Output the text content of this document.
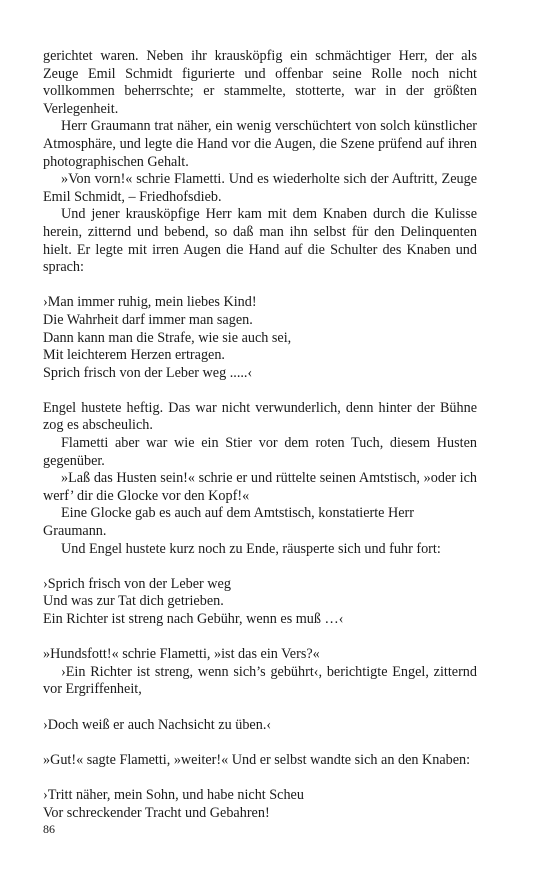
gerichtet waren. Neben ihr krausköpfig ein schmächtiger Herr, der als Zeuge Emil Schmidt figurierte und offenbar seine Rolle noch nicht vollkommen beherrschte; er stammelte, stotterte, war in der größten Verlegenheit.

Herr Graumann trat näher, ein wenig verschüchtert von solch künstlicher Atmosphäre, und legte die Hand vor die Augen, die Szene prüfend auf ihren photographischen Gehalt.

»Von vorn!« schrie Flametti. Und es wiederholte sich der Auftritt, Zeuge Emil Schmidt, – Friedhofsdieb.

Und jener krausköpfige Herr kam mit dem Knaben durch die Kulisse herein, zitternd und bebend, so daß man ihn selbst für den Delinquenten hielt. Er legte mit irren Augen die Hand auf die Schulter des Knaben und sprach:

›Man immer ruhig, mein liebes Kind!
Die Wahrheit darf immer man sagen.
Dann kann man die Strafe, wie sie auch sei,
Mit leichterem Herzen ertragen.
Sprich frisch von der Leber weg .....‹

Engel hustete heftig. Das war nicht verwunderlich, denn hinter der Bühne zog es abscheulich.

Flametti aber war wie ein Stier vor dem roten Tuch, diesem Husten gegenüber.

»Laß das Husten sein!« schrie er und rüttelte seinen Amtstisch, »oder ich werf’ dir die Glocke vor den Kopf!«

Eine Glocke gab es auch auf dem Amtstisch, konstatierte Herr
Graumann.

Und Engel hustete kurz noch zu Ende, räusperte sich und fuhr fort:

›Sprich frisch von der Leber weg
Und was zur Tat dich getrieben.
Ein Richter ist streng nach Gebühr, wenn es muß …‹
»Hundsfott!« schrie Flametti, »ist das ein Vers?«

›Ein Richter ist streng, wenn sich’s gebührt‹, berichtigte Engel, zitternd vor Ergriffenheit,

›Doch weiß er auch Nachsicht zu üben.‹

»Gut!« sagte Flametti, »weiter!« Und er selbst wandte sich an den Knaben:

›Tritt näher, mein Sohn, und habe nicht Scheu
Vor schreckender Tracht und Gebahren!
86
